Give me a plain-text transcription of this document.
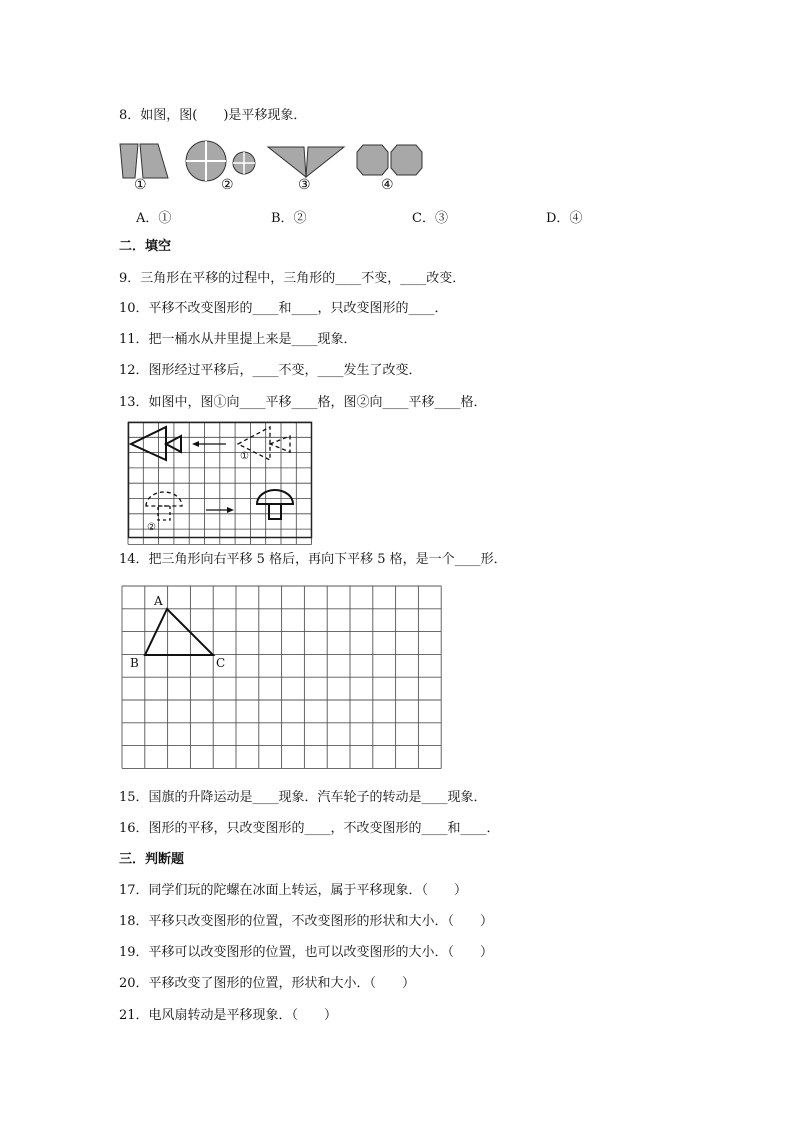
8．如图，图(　　)是平移现象．
①	②	③	④
A．①	B．②	C．③	D．④
二．填空
9．三角形在平移的过程中，三角形的____不变，____改变．
10．平移不改变图形的____和____，只改变图形的____．
11．把一桶水从井里提上来是____现象．
12．图形经过平移后，____不变，____发生了改变．
13．如图中，图①向____平移____格，图②向____平移____格．
①
②
14．把三角形向右平移 5 格后，再向下平移 5 格，是一个____形．
A
B	C
15．国旗的升降运动是____现象．汽车轮子的转动是____现象．
16．图形的平移，只改变图形的____，不改变图形的____和____．
三．判断题
17．同学们玩的陀螺在冰面上转运，属于平移现象．（　　）
18．平移只改变图形的位置，不改变图形的形状和大小．（　　）
19．平移可以改变图形的位置，也可以改变图形的大小．（　　）
20．平移改变了图形的位置，形状和大小．（　　）
21．电风扇转动是平移现象．（　　）
